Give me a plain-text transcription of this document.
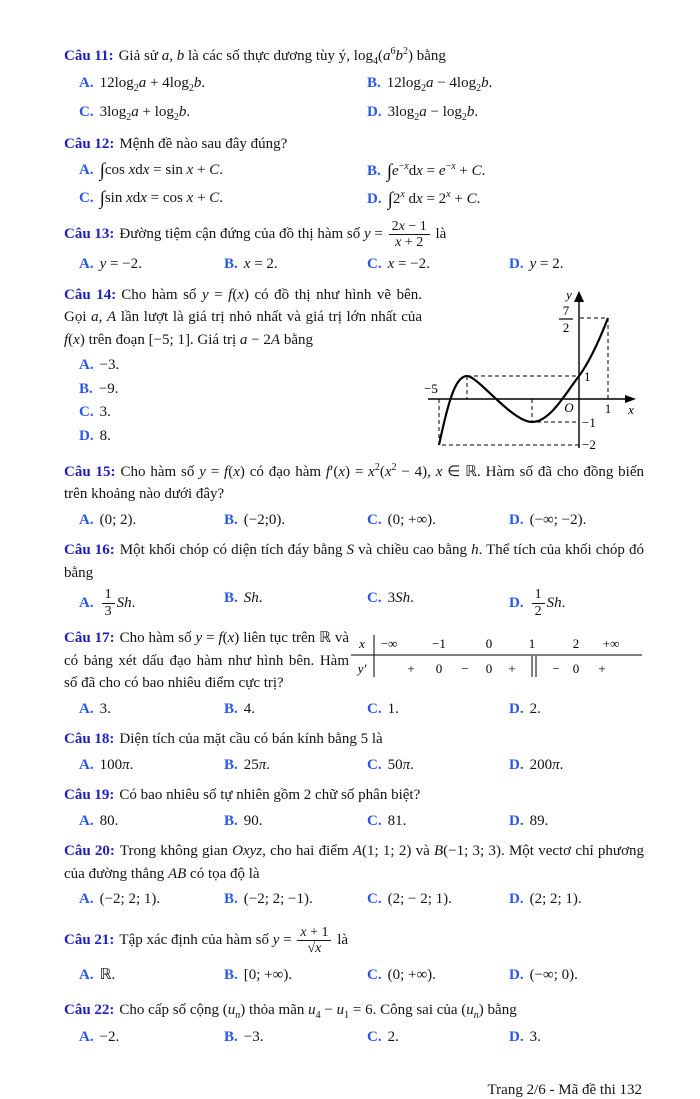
Câu 11: Giả sử a, b là các số thực dương tùy ý, $\log_4(a^6b^2)$ bằng

A. $12\log_2a + 4\log_2b$.	B. $12\log_2a - 4\log_2b$.
C. $3\log_2a + \log_2b$.	D. $3\log_2a - \log_2b$.

Câu 12: Mệnh đề nào sau đây đúng?

A. ∫cos xdx = sin x + C.	B. $\int e^{-x}dx = e^{-x} + C$.
C. ∫sin xdx = cos x + C.	D. ∫2$^x$ dx = $2^x + C$.

Câu 13: Đường tiệm cận đứng của đồ thị hàm số $y = \frac{2x - 1}{x + 2}$ là

A. y = −2.	B. x = 2.	C. x = −2.	D. y = 2.

Câu 14: Cho hàm số y = f(x) có đồ thị như hình vẽ bên. Gọi a, A lần lượt là giá trị nhỏ nhất và giá trị lớn nhất của f(x) trên đoạn [−5; 1]. Giá trị a − 2A bằng

A. −3.
B. −9.
C. 3.
D. 8.
7
2
y
x
O
−5
1
1
−1
−2

Câu 15: Cho hàm số y = f(x) có đạo hàm $f'(x) = x^2(x^2 - 4)$, x ∈ ℝ. Hàm số đã cho đồng biến trên khoảng nào dưới đây?

A. (0; 2).	B. (−2;0).	C. (0; +∞).	D. (−∞; −2).

Câu 16: Một khối chóp có diện tích đáy bằng S và chiều cao bằng h. Thể tích của khối chóp đó bằng

A. $\frac{1}{3} Sh$.	B. Sh.	C. 3Sh.	D. $\frac{1}{2} Sh$.

Câu 17: Cho hàm số y = f(x) liên tục trên ℝ và có bảng xét dấu đạo hàm như hình bên. Hàm số đã cho có bao nhiêu điểm cực trị?

x −∞	−1	0	1	2 +∞
y′	+ 0 − 0 +	− 0 +
A. 3.	B. 4.	C. 1.	D. 2.

Câu 18: Diện tích của mặt cầu có bán kính bằng 5 là

A. 100π.	B. 25π.	C. 50π.	D. 200π.

Câu 19: Có bao nhiêu số tự nhiên gồm 2 chữ số phân biệt?

A. 80.	B. 90.	C. 81.	D. 89.

Câu 20: Trong không gian Oxyz, cho hai điểm A(1; 1; 2) và B(−1; 3; 3). Một vectơ chỉ phương của đường thẳng AB có tọa độ là

A. (−2; 2; 1).	B. (−2; 2; −1).	C. (2; − 2; 1).	D. (2; 2; 1).

Câu 21: Tập xác định của hàm số $y = \frac{x + 1}{√x}$ là

A. ℝ.	B. [0; +∞).	C. (0; +∞).	D. (−∞; 0).

Câu 22: Cho cấp số cộng $(u_n)$ thỏa mãn $u_4 - u_1 = 6$. Công sai của $(u_n)$ bằng

A. −2.	B. −3.	C. 2.	D. 3.
Trang 2/6 - Mã đề thi 132
